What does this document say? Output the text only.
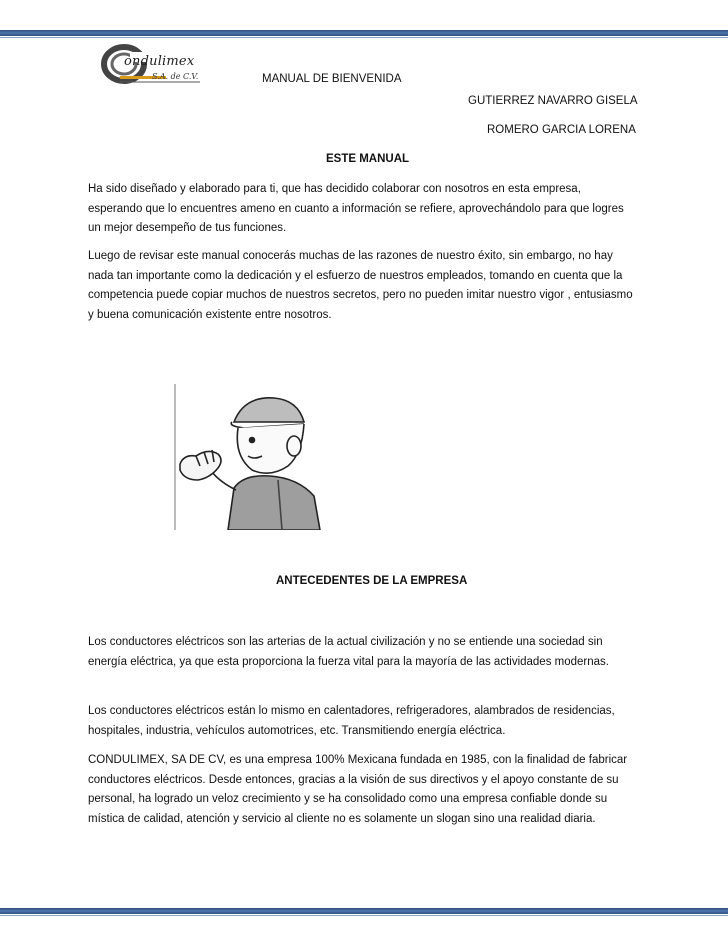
ondulimex
S.A. de C.V.	MANUAL DE BIENVENIDA
GUTIERREZ NAVARRO GISELA
ROMERO GARCIA LORENA
ESTE MANUAL

Ha sido diseñado y elaborado para ti, que has decidido colaborar con nosotros en esta empresa, esperando que lo encuentres ameno en cuanto a información se refiere, aprovechándolo para que logres un mejor desempeño de tus funciones.

Luego de revisar este manual conocerás muchas de las razones de nuestro éxito, sin embargo, no hay nada tan importante como la dedicación y el esfuerzo de nuestros empleados, tomando en cuenta que la competencia puede copiar muchos de nuestros secretos, pero no pueden imitar nuestro vigor , entusiasmo y buena comunicación existente entre nosotros.

ANTECEDENTES DE LA EMPRESA

Los conductores eléctricos son las arterias de la actual civilización y no se entiende una sociedad sin energía eléctrica, ya que esta proporciona la fuerza vital para la mayoría de las actividades modernas.

Los conductores eléctricos están lo mismo en calentadores, refrigeradores, alambrados de residencias, hospitales, industria, vehículos automotrices, etc. Transmitiendo energía eléctrica.

CONDULIMEX, SA DE CV, es una empresa 100% Mexicana fundada en 1985, con la finalidad de fabricar conductores eléctricos. Desde entonces, gracias a la visión de sus directivos y el apoyo constante de su personal, ha logrado un veloz crecimiento y se ha consolidado como una empresa confiable donde su mística de calidad, atención y servicio al cliente no es solamente un slogan sino una realidad diaria.
